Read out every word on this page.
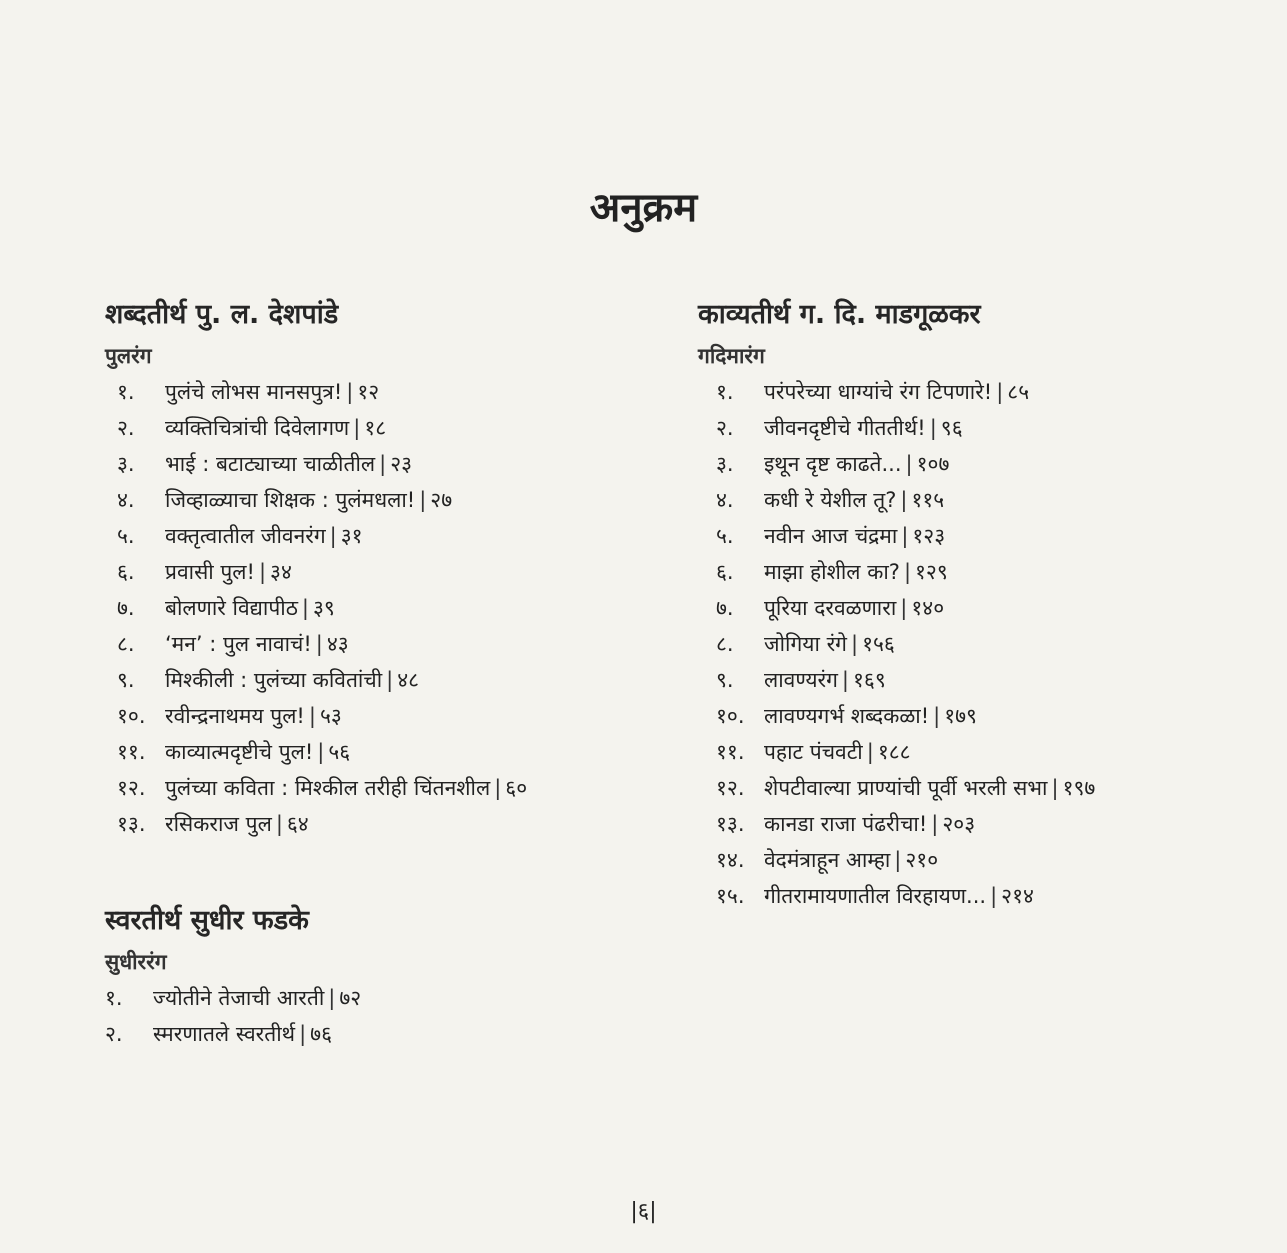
अनुक्रम
शब्दतीर्थ पु. ल. देशपांडे
पुलरंग
१. पुलंचे लोभस मानसपुत्र! | १२
२. व्यक्तिचित्रांची दिवेलागण | १८
३. भाई : बटाट्याच्या चाळीतील | २३
४. जिव्हाळ्याचा शिक्षक : पुलंमधला! | २७
५. वक्तृत्वातील जीवनरंग | ३१
६. प्रवासी पुल! | ३४
७. बोलणारे विद्यापीठ | ३९
८. ‘मन’ : पुल नावाचं! | ४३
९. मिश्कीली : पुलंच्या कवितांची | ४८
१०. रवीन्द्रनाथमय पुल! | ५३
११. काव्यात्मदृष्टीचे पुल! | ५६
१२. पुलंच्या कविता : मिश्कील तरीही चिंतनशील | ६०
१३. रसिकराज पुल | ६४
स्वरतीर्थ सुधीर फडके
सुधीररंग
१. ज्योतीने तेजाची आरती | ७२
२. स्मरणातले स्वरतीर्थ | ७६
काव्यतीर्थ ग. दि. माडगूळकर
गदिमारंग
१. परंपरेच्या धाग्यांचे रंग टिपणारे! | ८५
२. जीवनदृष्टीचे गीततीर्थ! | ९६
३. इथून दृष्ट काढते... | १०७
४. कधी रे येशील तू? | ११५
५. नवीन आज चंद्रमा | १२३
६. माझा होशील का? | १२९
७. पूरिया दरवळणारा | १४०
८. जोगिया रंगे | १५६
९. लावण्यरंग | १६९
१०. लावण्यगर्भ शब्दकळा! | १७९
११. पहाट पंचवटी | १८८
१२. शेपटीवाल्या प्राण्यांची पूर्वी भरली सभा | १९७
१३. कानडा राजा पंढरीचा! | २०३
१४. वेदमंत्राहून आम्हा | २१०
१५. गीतरामायणातील विरहायण... | २१४
|६|
